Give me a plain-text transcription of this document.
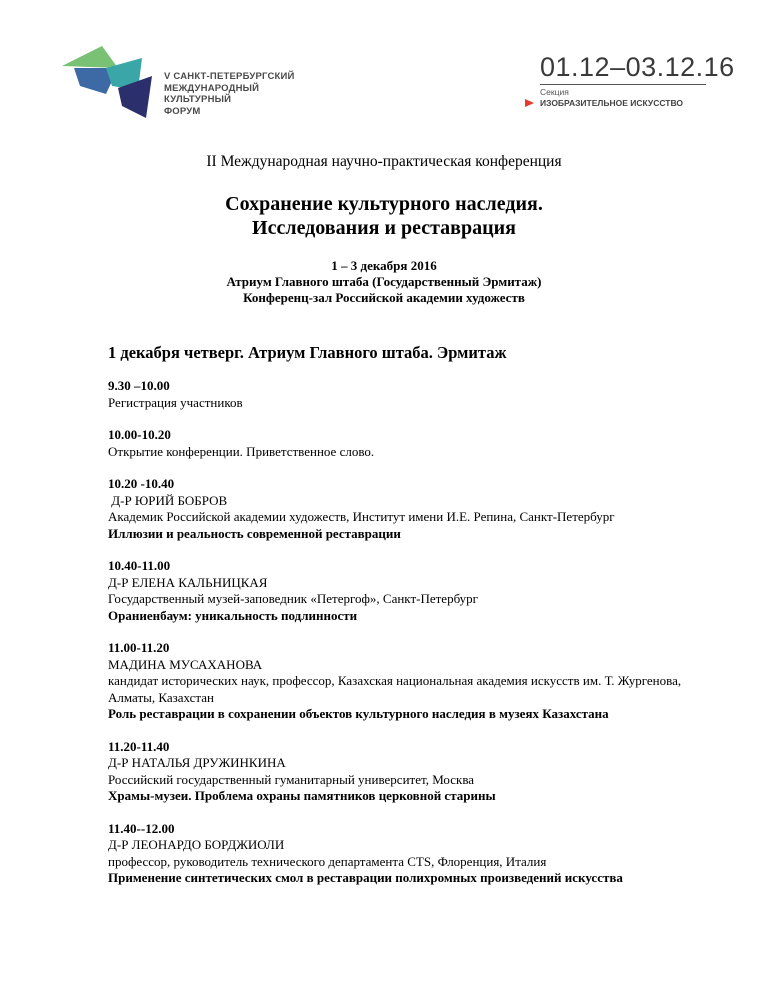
V САНКТ-ПЕТЕРБУРГСКИЙ
МЕЖДУНАРОДНЫЙ
КУЛЬТУРНЫЙ
ФОРУМ
01.12–03.12.16
Секция
ИЗОБРАЗИТЕЛЬНОЕ ИСКУССТВО
II Международная научно-практическая конференция
Сохранение культурного наследия.
Исследования и реставрация
1 – 3 декабря 2016
Атриум Главного штаба (Государственный Эрмитаж)
Конференц-зал Российской академии художеств
1 декабря четверг. Атриум Главного штаба. Эрмитаж
9.30 –10.00
Регистрация участников
10.00-10.20
Открытие конференции. Приветственное слово.
10.20 -10.40
Д-Р ЮРИЙ БОБРОВ
Академик Российской академии художеств, Институт имени И.Е. Репина, Санкт-Петербург
Иллюзии и реальность современной реставрации
10.40-11.00
Д-Р ЕЛЕНА КАЛЬНИЦКАЯ
Государственный музей-заповедник «Петергоф», Санкт-Петербург
Ораниенбаум: уникальность подлинности
11.00-11.20
МАДИНА МУСАХАНОВА
кандидат исторических наук, профессор, Казахская национальная академия искусств им. Т. Жургенова, Алматы, Казахстан
Роль реставрации в сохранении объектов культурного наследия в музеях Казахстана
11.20-11.40
Д-Р НАТАЛЬЯ ДРУЖИНКИНА
Российский государственный гуманитарный университет, Москва
Храмы-музеи. Проблема охраны памятников церковной старины
11.40--12.00
Д-Р ЛЕОНАРДО БОРДЖИОЛИ
профессор, руководитель технического департамента CTS, Флоренция, Италия
Применение синтетических смол в реставрации полихромных произведений искусства
